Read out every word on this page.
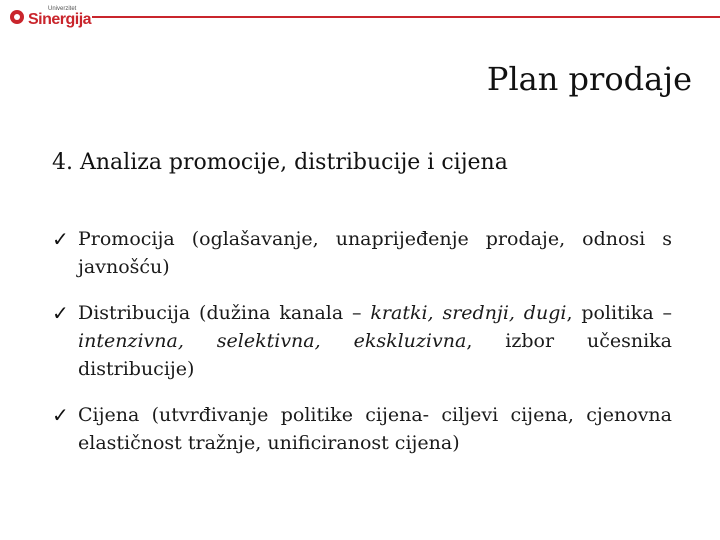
Univerzitet
Sinergija
Plan prodaje
4. Analiza promocije, distribucije i cijena
✓ Promocija (oglašavanje, unaprijeđenje prodaje, odnosi s javnošću)
✓ Distribucija (dužina kanala – kratki, srednji, dugi, politika – intenzivna, selektivna, ekskluzivna, izbor učesnika distribucije)
✓ Cijena (utvrđivanje politike cijena- ciljevi cijena, cjenovna elastičnost tražnje, unificiranost cijena)
